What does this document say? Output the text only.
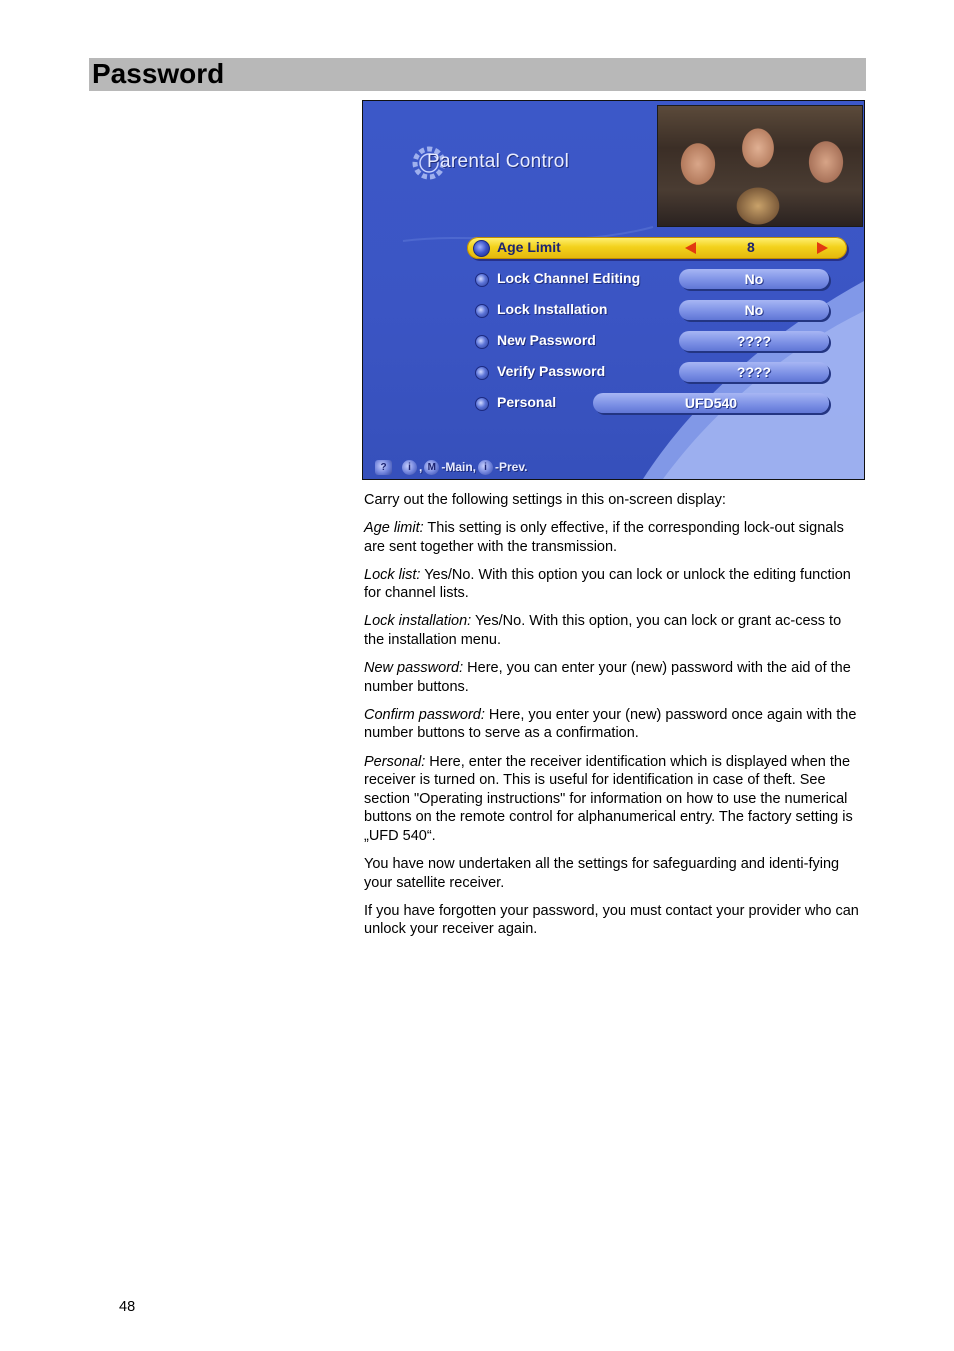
Password
Parental Control
Age Limit	8
Lock Channel Editing	No
Lock Installation	No
New Password	????
Verify Password	????
Personal	UFD540
?	i , M -Main, i -Prev.

Carry out the following settings in this on-screen display:

Age limit: This setting is only effective, if the corresponding lock-out signals are sent together with the transmission.

Lock list: Yes/No. With this option you can lock or unlock the editing function for channel lists.

Lock installation: Yes/No. With this option, you can lock or grant ac-cess to the installation menu.

New password: Here, you can enter your (new) password with the aid of the number buttons.

Confirm password: Here, you enter your (new) password once again with the number buttons to serve as a confirmation.

Personal: Here, enter the receiver identification which is displayed when the receiver is turned on. This is useful for identification in case of theft. See section "Operating instructions" for information on how to use the numerical buttons on the remote control for alphanumerical entry. The factory setting is „UFD 540“.

You have now undertaken all the settings for safeguarding and identi-fying your satellite receiver.

If you have forgotten your password, you must contact your provider who can unlock your receiver again.

48
